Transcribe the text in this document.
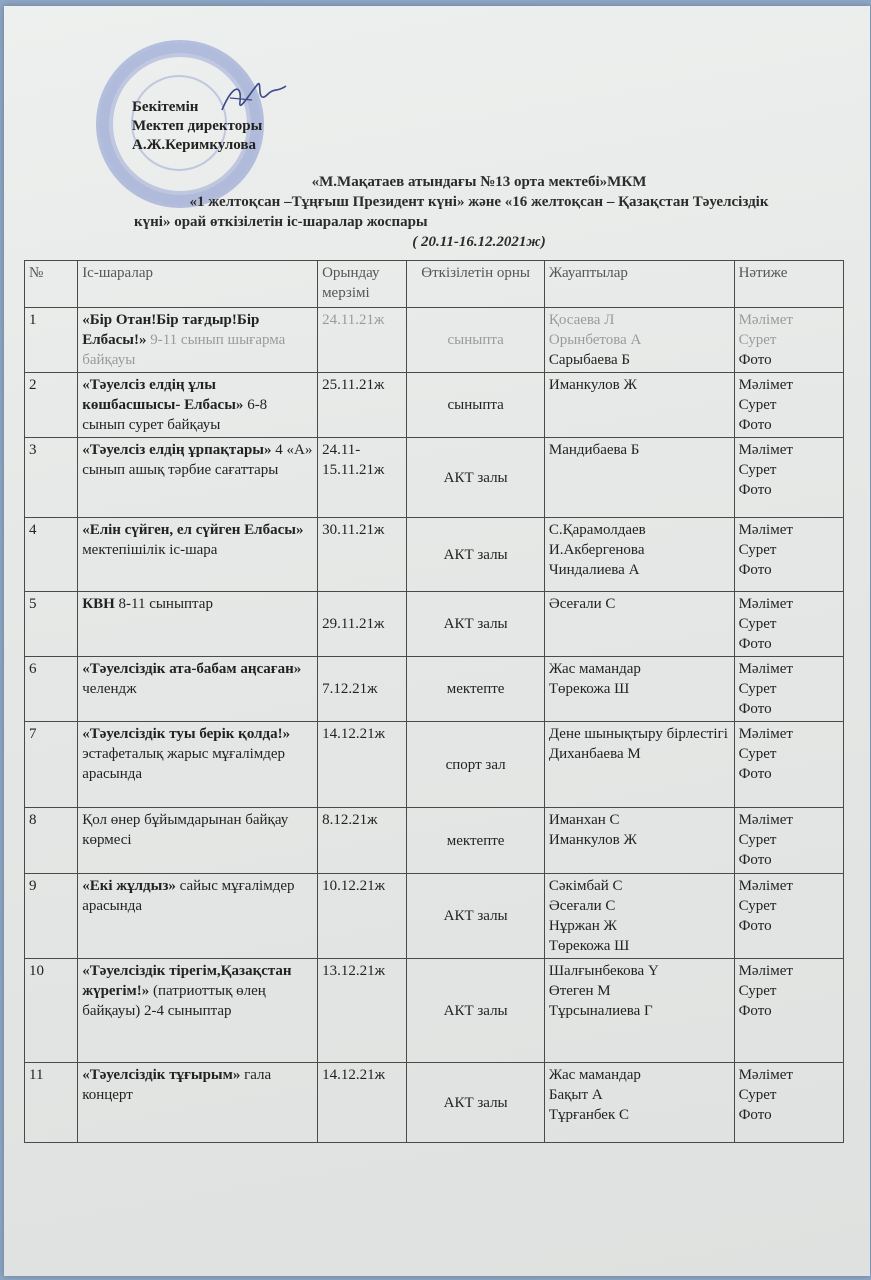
Бекітемін
Мектеп директоры
А.Ж.Керимкулова
«М.Мақатаев атындағы №13 орта мектебі»МКМ
«1 желтоқсан –Тұңғыш Президент күні» және «16 желтоқсан – Қазақстан Тәуелсіздік
күні» орай өткізілетін іс-шаралар жоспары
( 20.11-16.12.2021ж)
№	Іс-шаралар	Орындау мерзімі	Өткізілетін орны	Жауаптылар	Нәтиже
1	«Бір Отан!Бір тағдыр!Бір Елбасы!» 9-11 сынып шығарма байқауы	24.11.21ж	сыныпта	Қосаева Л
Орынбетова А
Сарыбаева Б	Мәлімет
Сурет
Фото

2	«Тәуелсіз елдің ұлы көшбасшысы- Елбасы» 6-8 сынып сурет байқауы	25.11.21ж	сыныпта	Иманкулов Ж	Мәлімет
Сурет
Фото

3	«Тәуелсіз елдің ұрпақтары» 4 «А» сынып ашық тәрбие сағаттары	24.11-15.11.21ж	АКТ залы	Мандибаева Б	Мәлімет
Сурет
Фото

4	«Елін сүйген, ел сүйген Елбасы» мектепішілік іс-шара	30.11.21ж	АКТ залы	С.Қарамолдаев
И.Акбергенова
Чиндалиева А	Мәлімет
Сурет
Фото

5	КВН 8-11 сыныптар	29.11.21ж	АКТ залы	Әсеғали С	Мәлімет
Сурет
Фото

6	«Тәуелсіздік ата-бабам аңсаған» челендж	7.12.21ж	мектепте	Жас мамандар
Төрекожа Ш	Мәлімет
Сурет
Фото

7	«Тәуелсіздік туы берік қолда!» эстафеталық жарыс мұғалімдер арасында	14.12.21ж	спорт зал	Дене шынықтыру бірлестігі
Диханбаева М	Мәлімет
Сурет
Фото

8	Қол өнер бұйымдарынан байқау көрмесі	8.12.21ж	мектепте	Иманхан С
Иманкулов Ж	Мәлімет
Сурет
Фото

9	«Екі жұлдыз» сайыс мұғалімдер арасында	10.12.21ж	АКТ залы	Сәкімбай С
Әсеғали С
Нұржан Ж
Төрекожа Ш	Мәлімет
Сурет
Фото

10	«Тәуелсіздік тірегім,Қазақстан жүрегім!» (патриоттық өлең байқауы) 2-4 сыныптар	13.12.21ж	АКТ залы	Шалғынбекова Ү
Өтеген М
Тұрсыналиева Г	Мәлімет
Сурет
Фото

11	«Тәуелсіздік тұғырым» гала концерт	14.12.21ж	АКТ залы	Жас мамандар
Бақыт А
Тұрғанбек С	Мәлімет
Сурет
Фото
